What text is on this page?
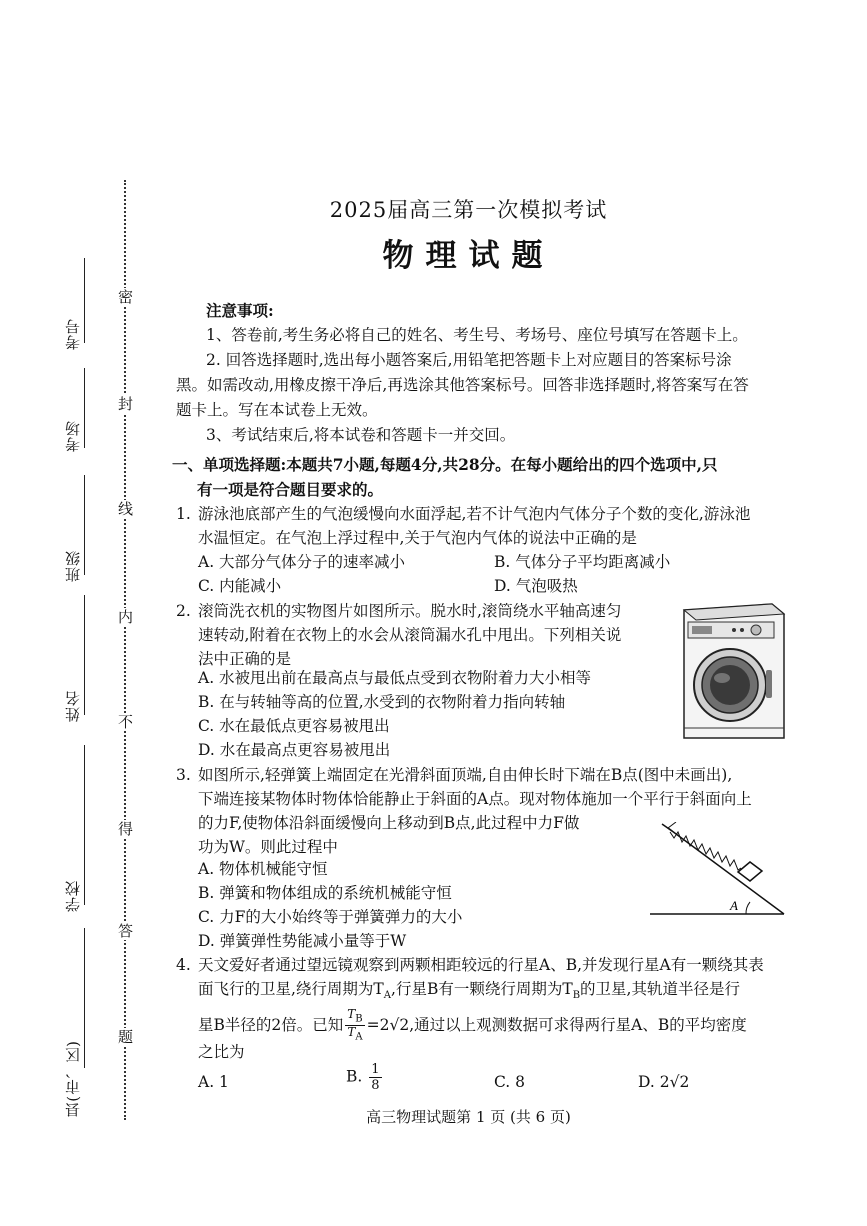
考号
考场
班级
姓名
学校
县(市、区)
密
封
线
内
不
得
答
题
2025届高三第一次模拟考试
物理试题
注意事项:
1、答卷前,考生务必将自己的姓名、考生号、考场号、座位号填写在答题卡上。
2. 回答选择题时,选出每小题答案后,用铅笔把答题卡上对应题目的答案标号涂
黑。如需改动,用橡皮擦干净后,再选涂其他答案标号。回答非选择题时,将答案写在答
题卡上。写在本试卷上无效。
3、考试结束后,将本试卷和答题卡一并交回。
一、单项选择题:本题共7小题,每题4分,共28分。在每小题给出的四个选项中,只
有一项是符合题目要求的。
1. 游泳池底部产生的气泡缓慢向水面浮起,若不计气泡内气体分子个数的变化,游泳池
水温恒定。在气泡上浮过程中,关于气泡内气体的说法中正确的是
A. 大部分气体分子的速率减小	B. 气体分子平均距离减小
C. 内能减小	D. 气泡吸热
2. 滚筒洗衣机的实物图片如图所示。脱水时,滚筒绕水平轴高速匀
速转动,附着在衣物上的水会从滚筒漏水孔中甩出。下列相关说
法中正确的是
A. 水被甩出前在最高点与最低点受到衣物附着力大小相等
B. 在与转轴等高的位置,水受到的衣物附着力指向转轴
C. 水在最低点更容易被甩出
D. 水在最高点更容易被甩出
3. 如图所示,轻弹簧上端固定在光滑斜面顶端,自由伸长时下端在B点(图中未画出),
下端连接某物体时物体恰能静止于斜面的A点。现对物体施加一个平行于斜面向上
的力F,使物体沿斜面缓慢向上移动到B点,此过程中力F做
功为W。则此过程中
A. 物体机械能守恒
B. 弹簧和物体组成的系统机械能守恒
C. 力F的大小始终等于弹簧弹力的大小
D. 弹簧弹性势能减小量等于W
A
4. 天文爱好者通过望远镜观察到两颗相距较远的行星A、B,并发现行星A有一颗绕其表
面飞行的卫星,绕行周期为$T_A$,行星B有一颗绕行周期为$T_B$的卫星,其轨道半径是行
星B半径的2倍。已知 $\frac{T_B}{T_A} =2√2$,通过以上观测数据可求得两行星A、B的平均密度
之比为
A. 1	B. $\frac{1}{8}$	C. 8	D. 2√2
高三物理试题第 1 页 (共 6 页)
